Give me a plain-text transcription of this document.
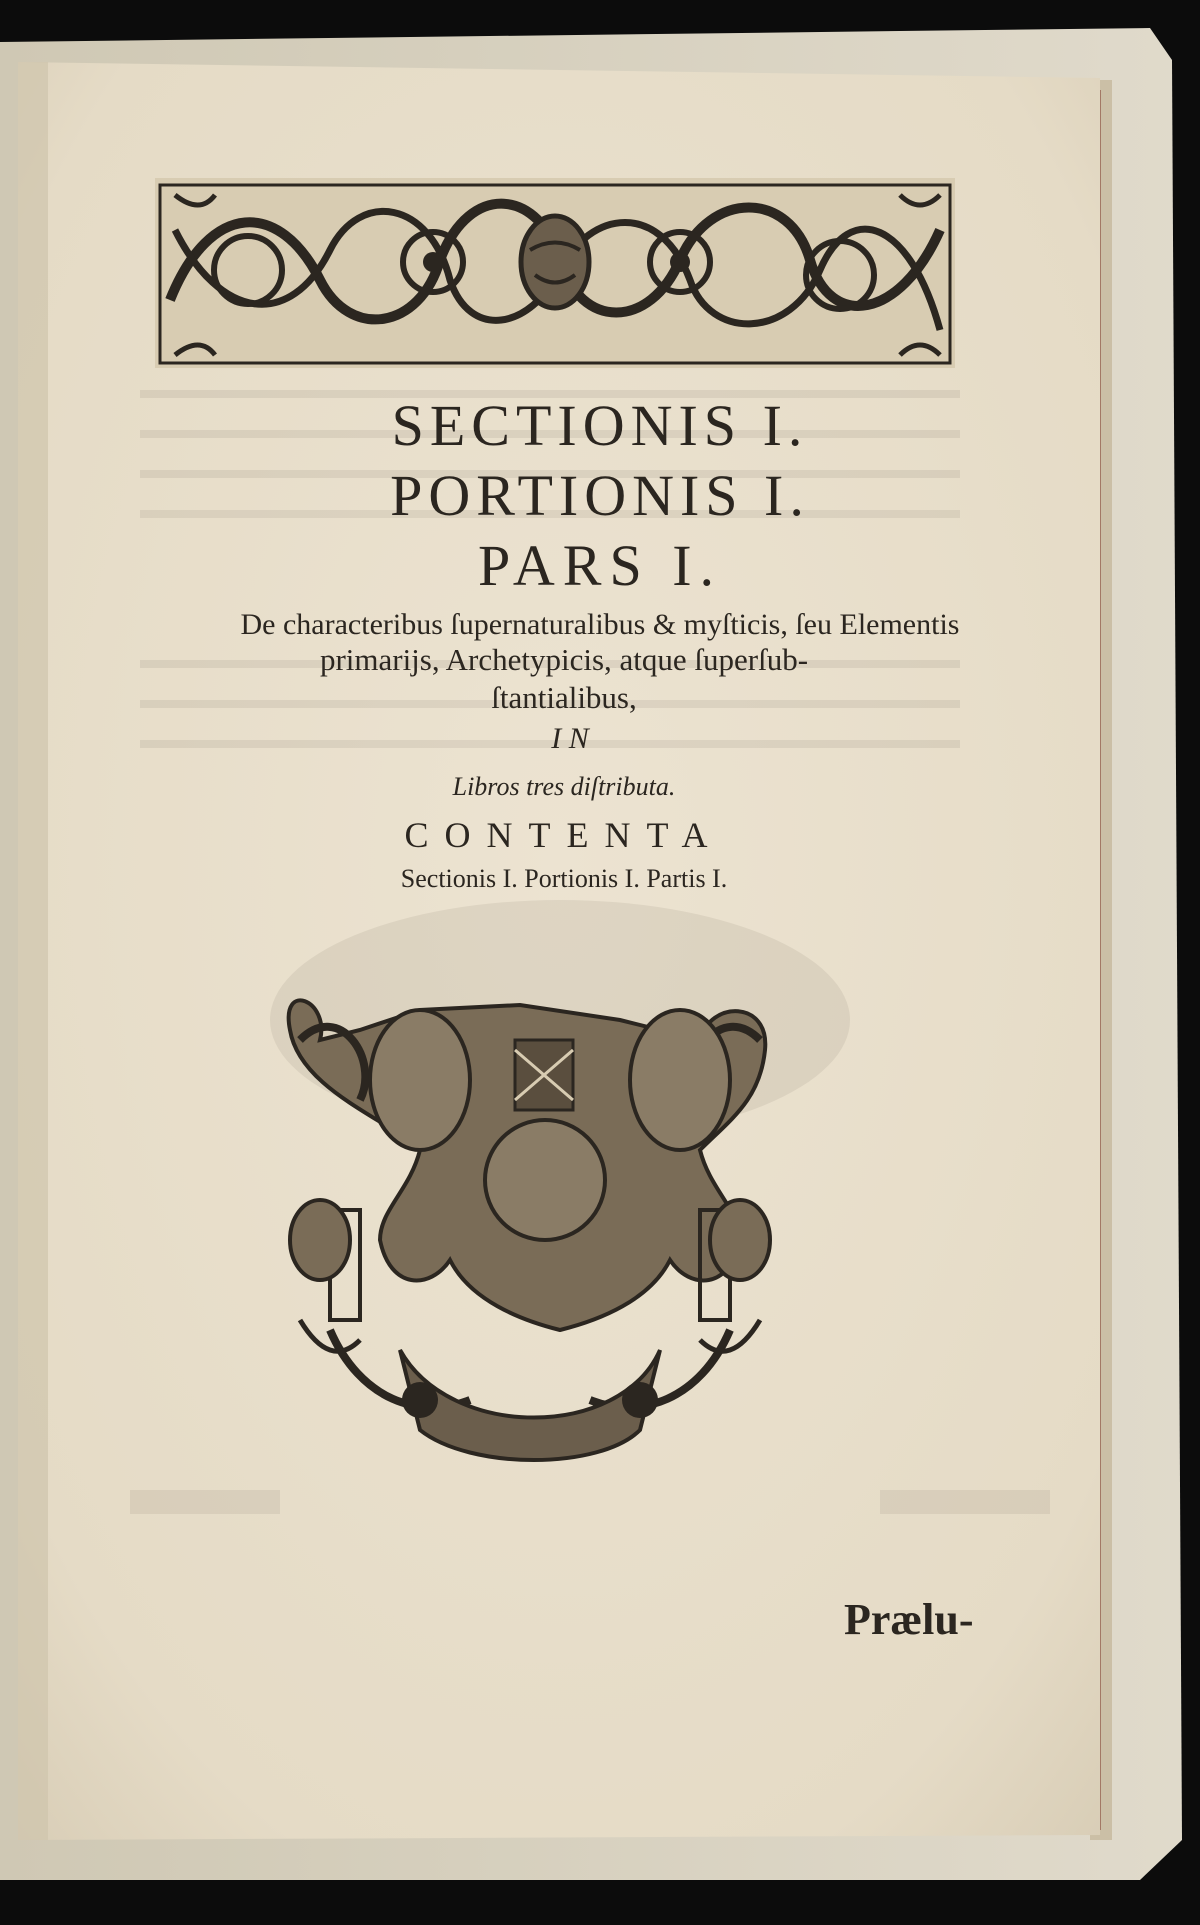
SECTIONIS I.
PORTIONIS I.
PARS I.
De characteribus ſupernaturalibus & myſticis, ſeu Elementis
primarijs, Archetypicis, atque ſuperſub-
ſtantialibus,
I N
Libros tres diſtributa.
CONTENTA
Sectionis I. Portionis I. Partis I.
Prælu-
